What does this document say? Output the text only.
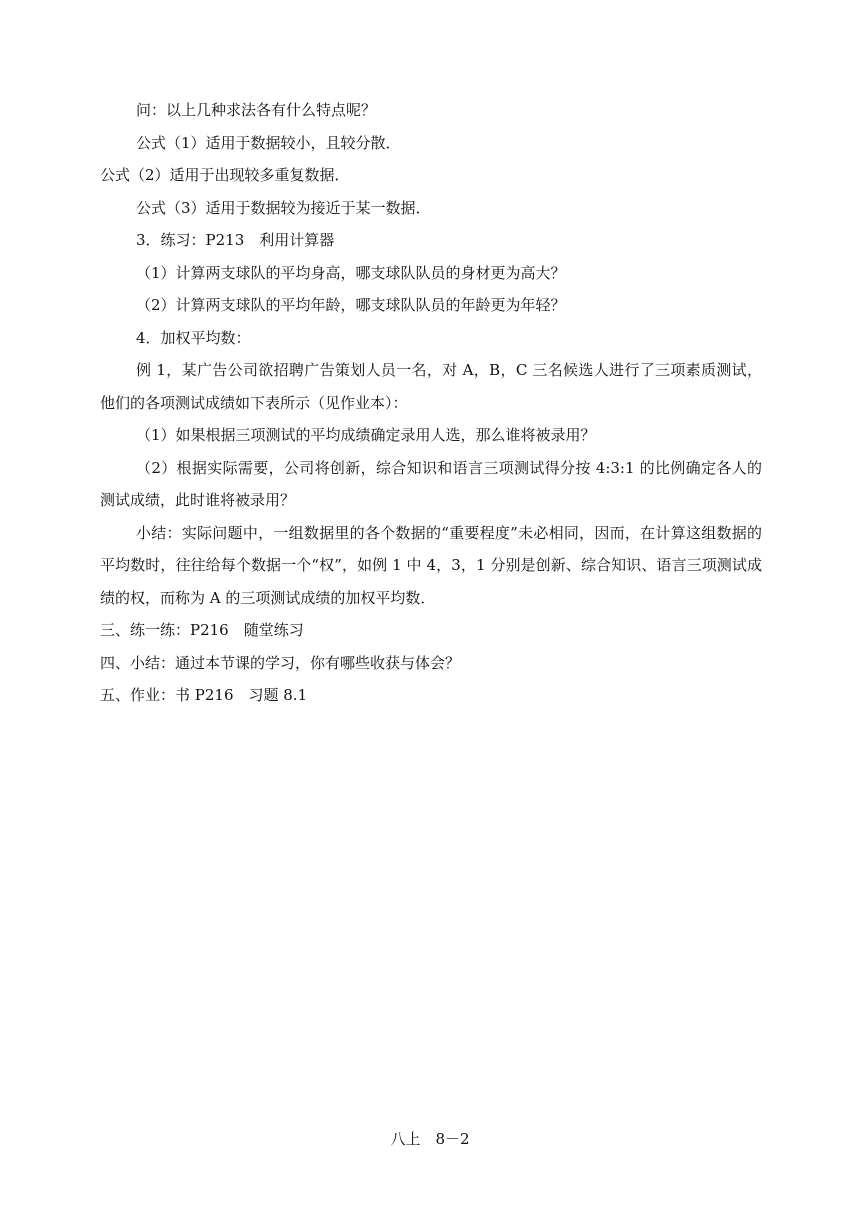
问：以上几种求法各有什么特点呢？
公式（1）适用于数据较小，且较分散．
公式（2）适用于出现较多重复数据．
公式（3）适用于数据较为接近于某一数据．
3．练习：P213　利用计算器
（1）计算两支球队的平均身高，哪支球队队员的身材更为高大？
（2）计算两支球队的平均年龄，哪支球队队员的年龄更为年轻？
4．加权平均数：
例 1，某广告公司欲招聘广告策划人员一名，对 A，B，C 三名候选人进行了三项素质测试，他们的各项测试成绩如下表所示（见作业本）：
（1）如果根据三项测试的平均成绩确定录用人选，那么谁将被录用？
（2）根据实际需要，公司将创新，综合知识和语言三项测试得分按 4:3:1 的比例确定各人的测试成绩，此时谁将被录用？
小结：实际问题中，一组数据里的各个数据的“重要程度”未必相同，因而，在计算这组数据的平均数时，往往给每个数据一个“权”，如例 1 中 4，3，1 分别是创新、综合知识、语言三项测试成绩的权，而称为 A 的三项测试成绩的加权平均数．
三、练一练：P216　随堂练习
四、小结：通过本节课的学习，你有哪些收获与体会？
五、作业：书 P216　习题 8.1
八上　8－2
